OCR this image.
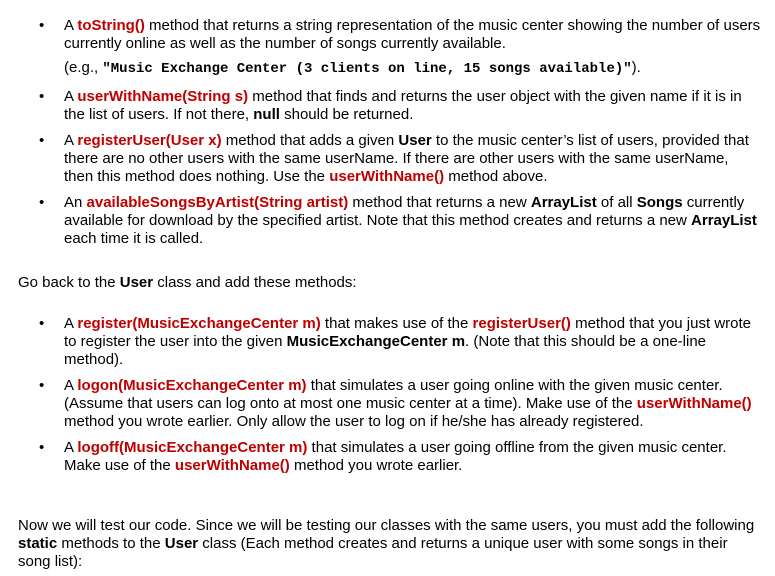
• A toString() method that returns a string representation of the music center showing the number of users currently online as well as the number of songs currently available.
(e.g., "Music Exchange Center (3 clients on line, 15 songs available)").
• A userWithName(String s) method that finds and returns the user object with the given name if it is in the list of users. If not there, null should be returned.
• A registerUser(User x) method that adds a given User to the music center’s list of users, provided that there are no other users with the same userName. If there are other users with the same userName, then this method does nothing. Use the userWithName() method above.
• An availableSongsByArtist(String artist) method that returns a new ArrayList of all Songs currently available for download by the specified artist. Note that this method creates and returns a new ArrayList each time it is called.

Go back to the User class and add these methods:

• A register(MusicExchangeCenter m) that makes use of the registerUser() method that you just wrote to register the user into the given MusicExchangeCenter m. (Note that this should be a one-line method).
• A logon(MusicExchangeCenter m) that simulates a user going online with the given music center. (Assume that users can log onto at most one music center at a time). Make use of the userWithName() method you wrote earlier. Only allow the user to log on if he/she has already registered.
• A logoff(MusicExchangeCenter m) that simulates a user going offline from the given music center. Make use of the userWithName() method you wrote earlier.

Now we will test our code. Since we will be testing our classes with the same users, you must add the following static methods to the User class (Each method creates and returns a unique user with some songs in their song list):
